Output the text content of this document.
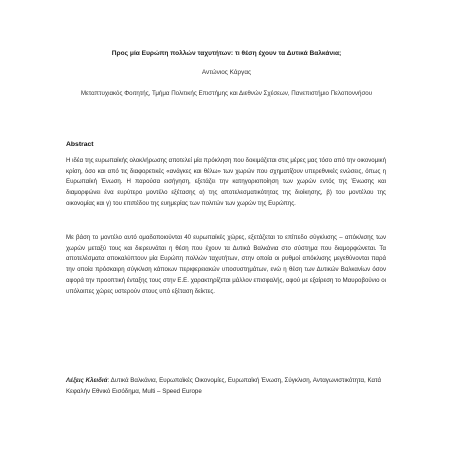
Προς μία Ευρώπη πολλών ταχυτήτων: τι θέση έχουν τα Δυτικά Βαλκάνια;
Αντώνιος Κάργας
Μεταπτυχιακός Φοιτητής, Τμήμα Πολιτικής Επιστήμης και Διεθνών Σχέσεων, Πανεπιστήμιο Πελοποννήσου
Abstract

Η ιδέα της ευρωπαϊκής ολοκλήρωσης αποτελεί μία πρόκληση που δοκιμάζεται στις μέρες μας τόσο από την οικονομική κρίση, όσο και από τις διαφορετικές «ανάγκες και θέλω» των χωρών που σχηματίζουν υπερεθνικές ενώσεις, όπως η Ευρωπαϊκή Ένωση. Η παρούσα εισήγηση, εξετάζει την κατηγοριοποίηση των χωρών εντός της Ένωσης και διαμορφώνει ένα ευρύτερο μοντέλο εξέτασης α) της αποτελεσματικότητας της διοίκησης, β) του μοντέλου της οικονομίας και γ) του επιπέδου της ευημερίας των πολιτών των χωρών της Ευρώπης.

Με βάση το μοντέλο αυτό ομαδοποιούνται 40 ευρωπαϊκές χώρες, εξετάζεται το επίπεδο σύγκλισης – απόκλισης των χωρών μεταξύ τους και διερευνάται η θέση που έχουν τα Δυτικά Βαλκάνια στο σύστημα που διαμορφώνεται. Τα αποτελέσματα αποκαλύπτουν μία Ευρώπη πολλών ταχυτήτων, στην οποία οι ρυθμοί απόκλισης μεγεθύνονται παρά την οποία πρόσκαιρη σύγκλιση κάποιων περιφερειακών υποσυστημάτων, ενώ η θέση των Δυτικών Βαλκανίων όσον αφορά την προοπτική ένταξης τους στην Ε.Ε. χαρακτηρίζεται μάλλον επισφαλής, αφού με εξαίρεση το Μαυροβούνιο οι υπόλοιπες χώρες υστερούν στους υπό εξέταση δείκτες.

Λέξεις Κλειδιά: Δυτικά Βαλκάνια, Ευρωπαϊκές Οικονομίες, Ευρωπαϊκή Ένωση, Σύγκλιση, Ανταγωνιστικότητα, Κατά Κεφαλήν Εθνικό Εισόδημα, Multi – Speed Europe
